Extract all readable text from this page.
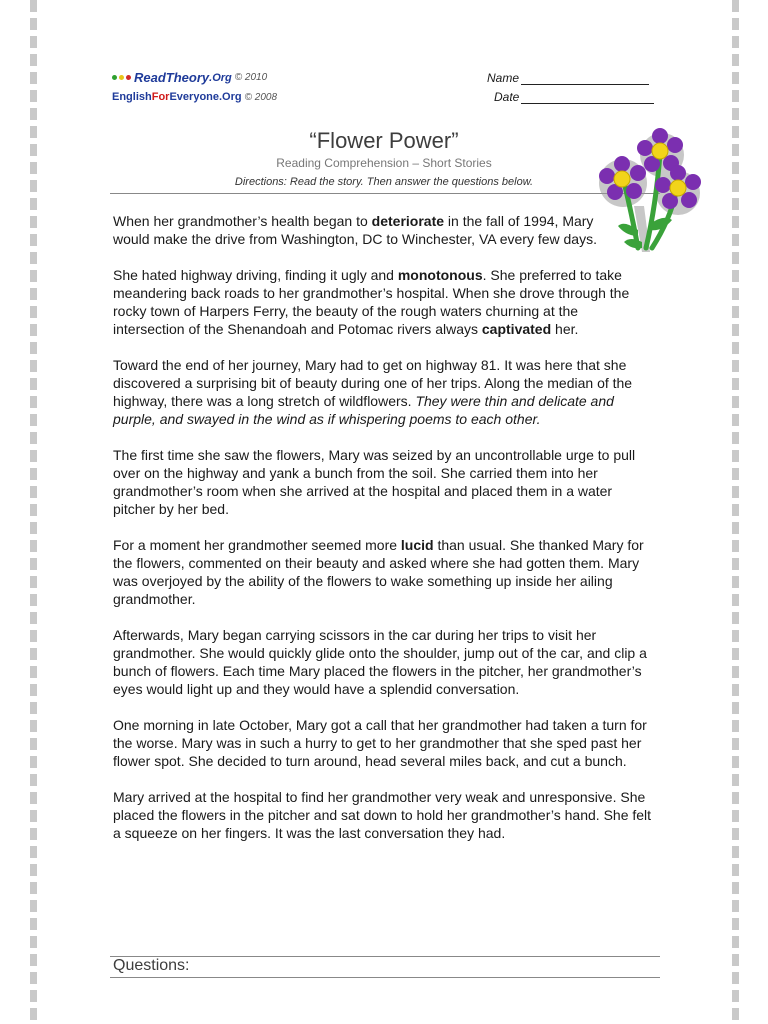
Read Theory .Org © 2010
English For Everyone.Org © 2008
Name
Date
“Flower Power”
Reading Comprehension – Short Stories
Directions: Read the story. Then answer the questions below.

When her grandmother’s health began to deteriorate in the fall of 1994, Mary would make the drive from Washington, DC to Winchester, VA every few days.

She hated highway driving, finding it ugly and monotonous. She preferred to take meandering back roads to her grandmother’s hospital. When she drove through the rocky town of Harpers Ferry, the beauty of the rough waters churning at the intersection of the Shenandoah and Potomac rivers always captivated her.

Toward the end of her journey, Mary had to get on highway 81. It was here that she discovered a surprising bit of beauty during one of her trips. Along the median of the highway, there was a long stretch of wildflowers. They were thin and delicate and purple, and swayed in the wind as if whispering poems to each other.

The first time she saw the flowers, Mary was seized by an uncontrollable urge to pull over on the highway and yank a bunch from the soil. She carried them into her grandmother’s room when she arrived at the hospital and placed them in a water pitcher by her bed.

For a moment her grandmother seemed more lucid than usual. She thanked Mary for the flowers, commented on their beauty and asked where she had gotten them. Mary was overjoyed by the ability of the flowers to wake something up inside her ailing grandmother.

Afterwards, Mary began carrying scissors in the car during her trips to visit her grandmother. She would quickly glide onto the shoulder, jump out of the car, and clip a bunch of flowers. Each time Mary placed the flowers in the pitcher, her grandmother’s eyes would light up and they would have a splendid conversation.

One morning in late October, Mary got a call that her grandmother had taken a turn for the worse. Mary was in such a hurry to get to her grandmother that she sped past her flower spot. She decided to turn around, head several miles back, and cut a bunch.

Mary arrived at the hospital to find her grandmother very weak and unresponsive. She placed the flowers in the pitcher and sat down to hold her grandmother’s hand. She felt a squeeze on her fingers. It was the last conversation they had.

Questions:
